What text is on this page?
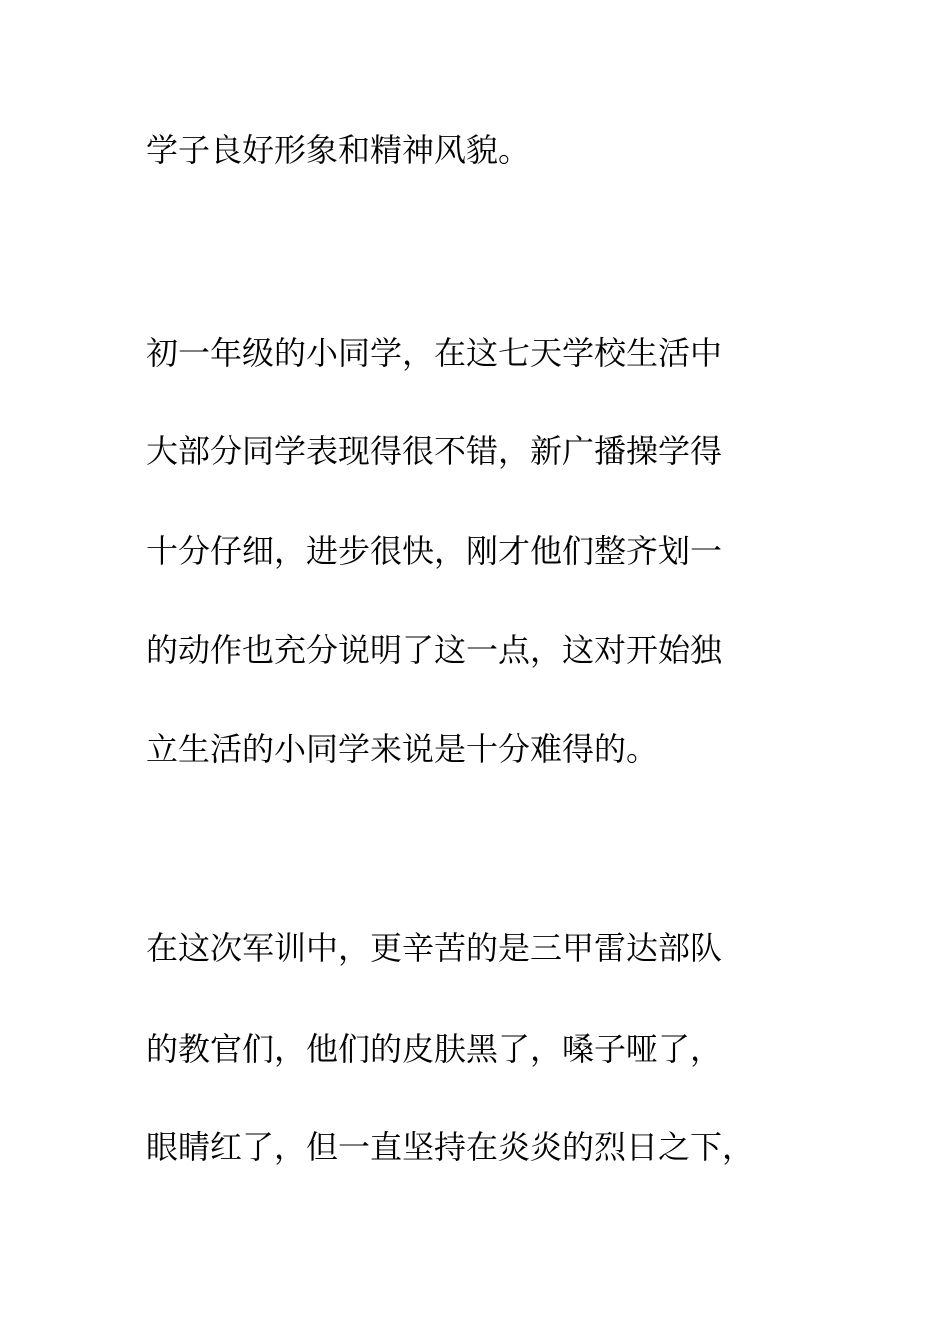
学子良好形象和精神风貌。
初一年级的小同学，在这七天学校生活中
大部分同学表现得很不错，新广播操学得
十分仔细，进步很快，刚才他们整齐划一
的动作也充分说明了这一点，这对开始独
立生活的小同学来说是十分难得的。
在这次军训中，更辛苦的是三甲雷达部队
的教官们，他们的皮肤黑了，嗓子哑了，
眼睛红了，但一直坚持在炎炎的烈日之下，
